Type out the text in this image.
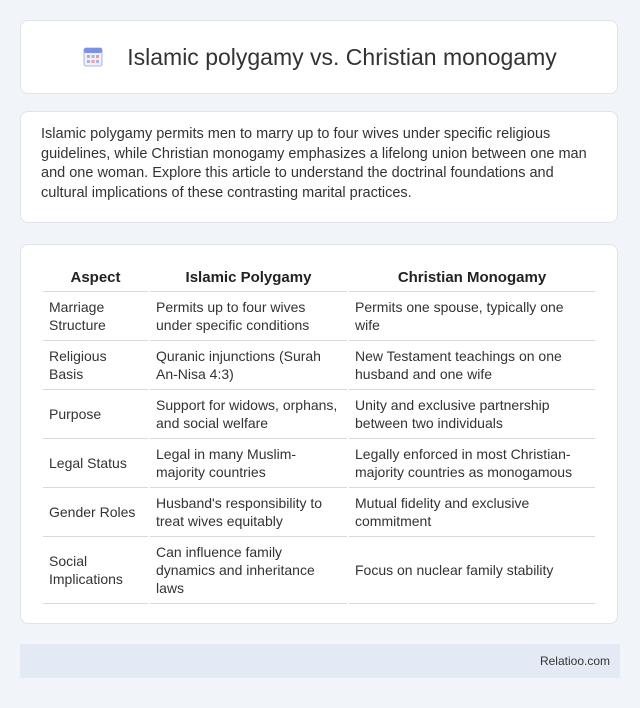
Islamic polygamy vs. Christian monogamy

Islamic polygamy permits men to marry up to four wives under specific religious guidelines, while Christian monogamy emphasizes a lifelong union between one man and one woman. Explore this article to understand the doctrinal foundations and cultural implications of these contrasting marital practices.

Aspect	Islamic Polygamy	Christian Monogamy
Marriage Structure	Permits up to four wives under specific conditions	Permits one spouse, typically one wife
Religious Basis	Quranic injunctions (Surah An-Nisa 4:3)	New Testament teachings on one husband and one wife
Purpose	Support for widows, orphans, and social welfare	Unity and exclusive partnership between two individuals
Legal Status	Legal in many Muslim-majority countries	Legally enforced in most Christian-majority countries as monogamous
Gender Roles	Husband's responsibility to treat wives equitably	Mutual fidelity and exclusive commitment
Social Implications	Can influence family dynamics and inheritance laws	Focus on nuclear family stability
Relatioo.com
